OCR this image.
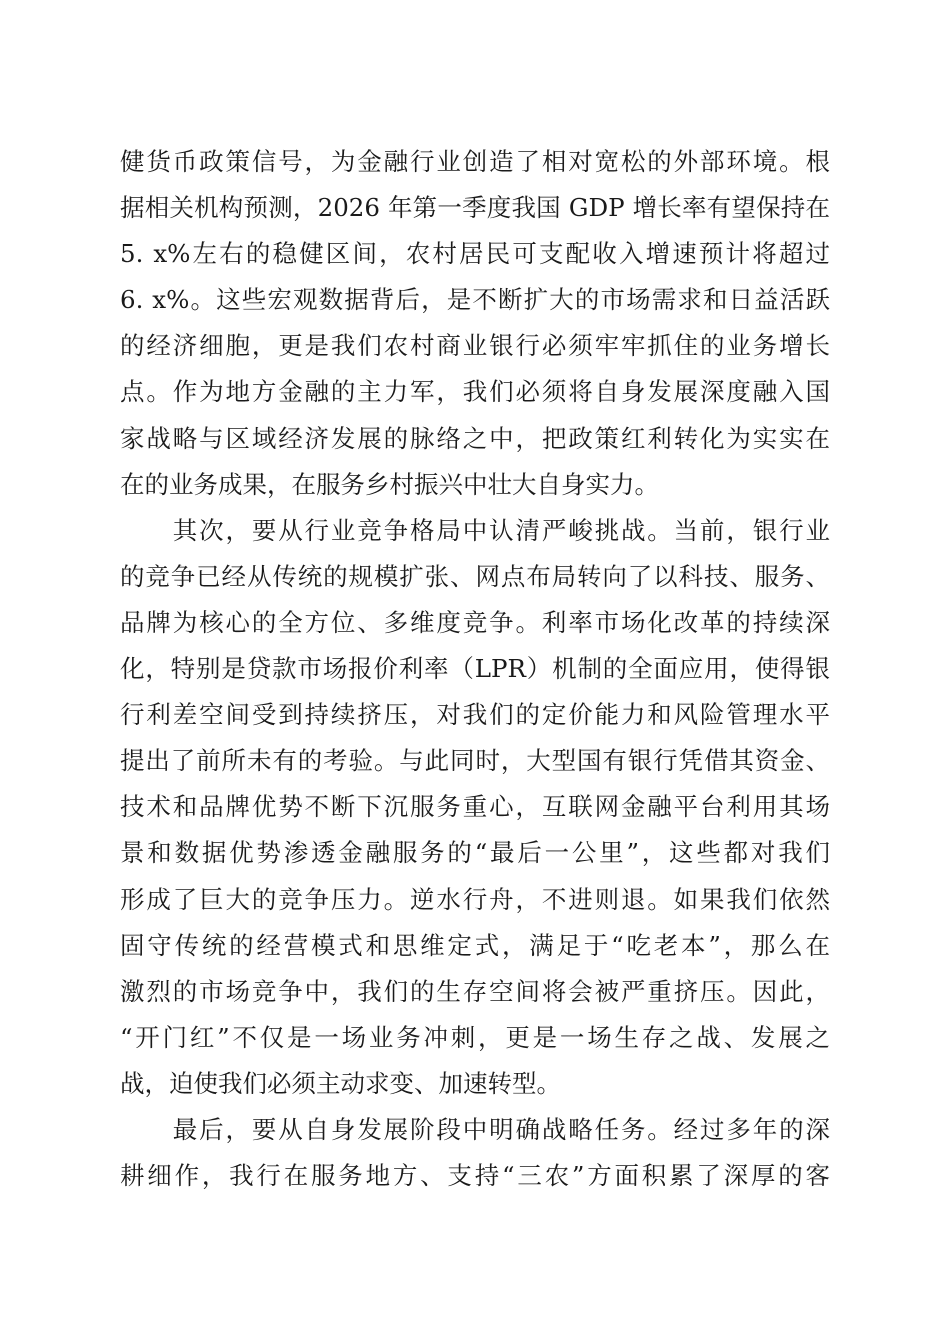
健货币政策信号，为金融行业创造了相对宽松的外部环境。根
据相关机构预测，2026 年第一季度我国 GDP 增长率有望保持在
5. x%左右的稳健区间，农村居民可支配收入增速预计将超过
6. x%。这些宏观数据背后，是不断扩大的市场需求和日益活跃
的经济细胞，更是我们农村商业银行必须牢牢抓住的业务增长
点。作为地方金融的主力军，我们必须将自身发展深度融入国
家战略与区域经济发展的脉络之中，把政策红利转化为实实在
在的业务成果，在服务乡村振兴中壮大自身实力。
　　其次，要从行业竞争格局中认清严峻挑战。当前，银行业
的竞争已经从传统的规模扩张、网点布局转向了以科技、服务、
品牌为核心的全方位、多维度竞争。利率市场化改革的持续深
化，特别是贷款市场报价利率（LPR）机制的全面应用，使得银
行利差空间受到持续挤压，对我们的定价能力和风险管理水平
提出了前所未有的考验。与此同时，大型国有银行凭借其资金、
技术和品牌优势不断下沉服务重心，互联网金融平台利用其场
景和数据优势渗透金融服务的“最后一公里”，这些都对我们
形成了巨大的竞争压力。逆水行舟，不进则退。如果我们依然
固守传统的经营模式和思维定式，满足于“吃老本”，那么在
激烈的市场竞争中，我们的生存空间将会被严重挤压。因此，
“开门红”不仅是一场业务冲刺，更是一场生存之战、发展之
战，迫使我们必须主动求变、加速转型。
　　最后，要从自身发展阶段中明确战略任务。经过多年的深
耕细作，我行在服务地方、支持“三农”方面积累了深厚的客
